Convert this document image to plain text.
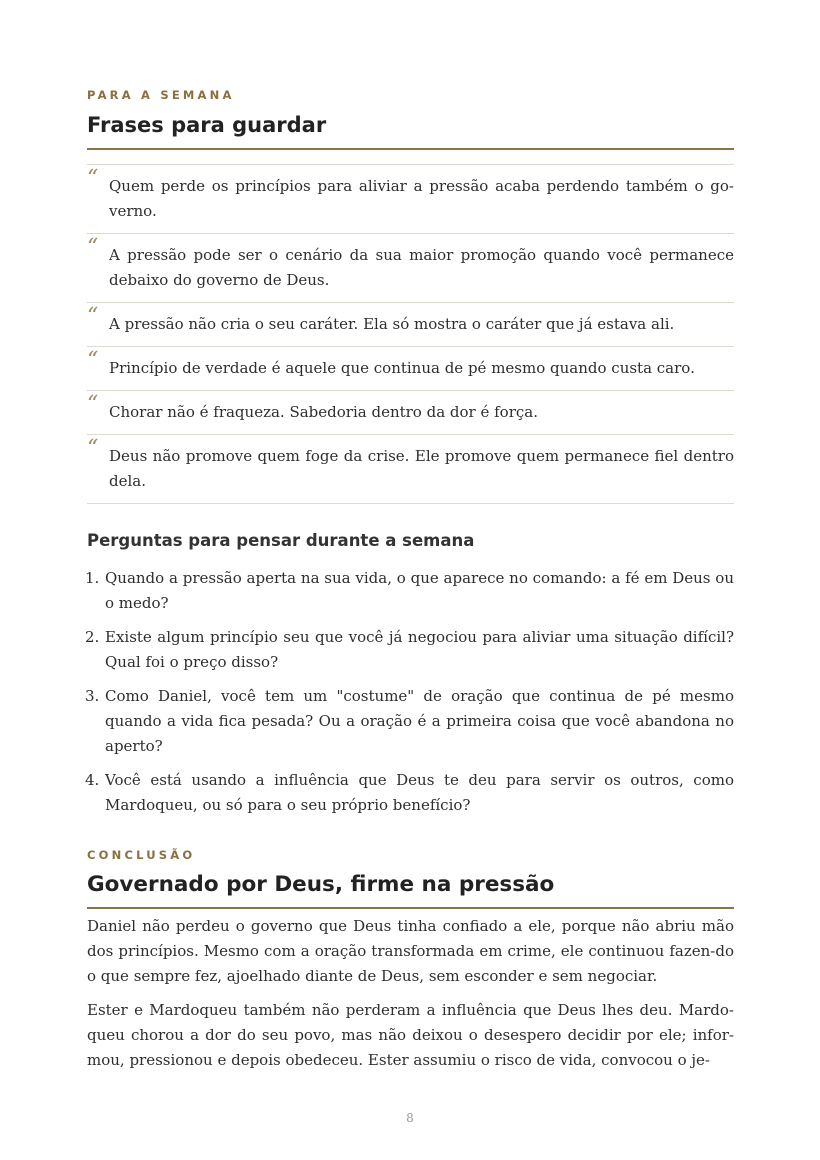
PARA A SEMANA
Frases para guardar
“ Quem perde os princípios para aliviar a pressão acaba perdendo também o go-verno.
“ A pressão pode ser o cenário da sua maior promoção quando você permanece debaixo do governo de Deus.
“ A pressão não cria o seu caráter. Ela só mostra o caráter que já estava ali.
“ Princípio de verdade é aquele que continua de pé mesmo quando custa caro.
“ Chorar não é fraqueza. Sabedoria dentro da dor é força.
“ Deus não promove quem foge da crise. Ele promove quem permanece fiel dentro dela.
Perguntas para pensar durante a semana
1. Quando a pressão aperta na sua vida, o que aparece no comando: a fé em Deus ou o medo?
2. Existe algum princípio seu que você já negociou para aliviar uma situação difícil? Qual foi o preço disso?
3. Como Daniel, você tem um "costume" de oração que continua de pé mesmo quando a vida fica pesada? Ou a oração é a primeira coisa que você abandona no aperto?
4. Você está usando a influência que Deus te deu para servir os outros, como Mardoqueu, ou só para o seu próprio benefício?
CONCLUSÃO
Governado por Deus, firme na pressão

Daniel não perdeu o governo que Deus tinha confiado a ele, porque não abriu mão dos princípios. Mesmo com a oração transformada em crime, ele continuou fazen-do o que sempre fez, ajoelhado diante de Deus, sem esconder e sem negociar.

Ester e Mardoqueu também não perderam a influência que Deus lhes deu. Mardo-queu chorou a dor do seu povo, mas não deixou o desespero decidir por ele; infor-mou, pressionou e depois obedeceu. Ester assumiu o risco de vida, convocou o je-

8
